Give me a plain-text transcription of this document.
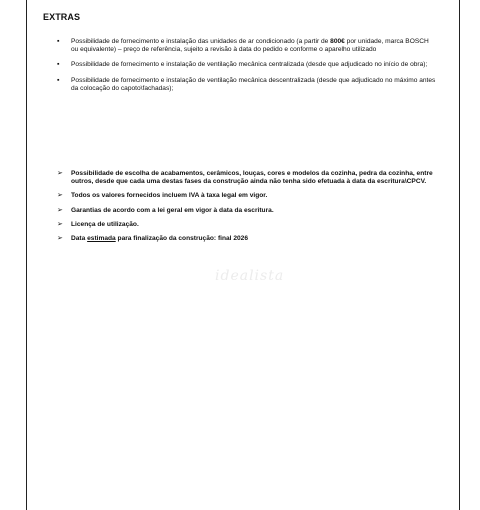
EXTRAS
▪ Possibilidade de fornecimento e instalação das unidades de ar condicionado (a partir de 800€ por unidade, marca BOSCH ou equivalente) – preço de referência, sujeito a revisão à data do pedido e conforme o aparelho utilizado
▪ Possibilidade de fornecimento e instalação de ventilação mecânica centralizada (desde que adjudicado no início de obra);
▪ Possibilidade de fornecimento e instalação de ventilação mecânica descentralizada (desde que adjudicado no máximo antes da colocação do capoto\fachadas);
➢ Possibilidade de escolha de acabamentos, cerâmicos, louças, cores e modelos da cozinha, pedra da cozinha, entre outros, desde que cada uma destas fases da construção ainda não tenha sido efetuada à data da escritura\CPCV.
➢ Todos os valores fornecidos incluem IVA à taxa legal em vigor.
➢ Garantias de acordo com a lei geral em vigor à data da escritura.
➢ Licença de utilização.
➢ Data estimada para finalização da construção: final 2026
idealista
